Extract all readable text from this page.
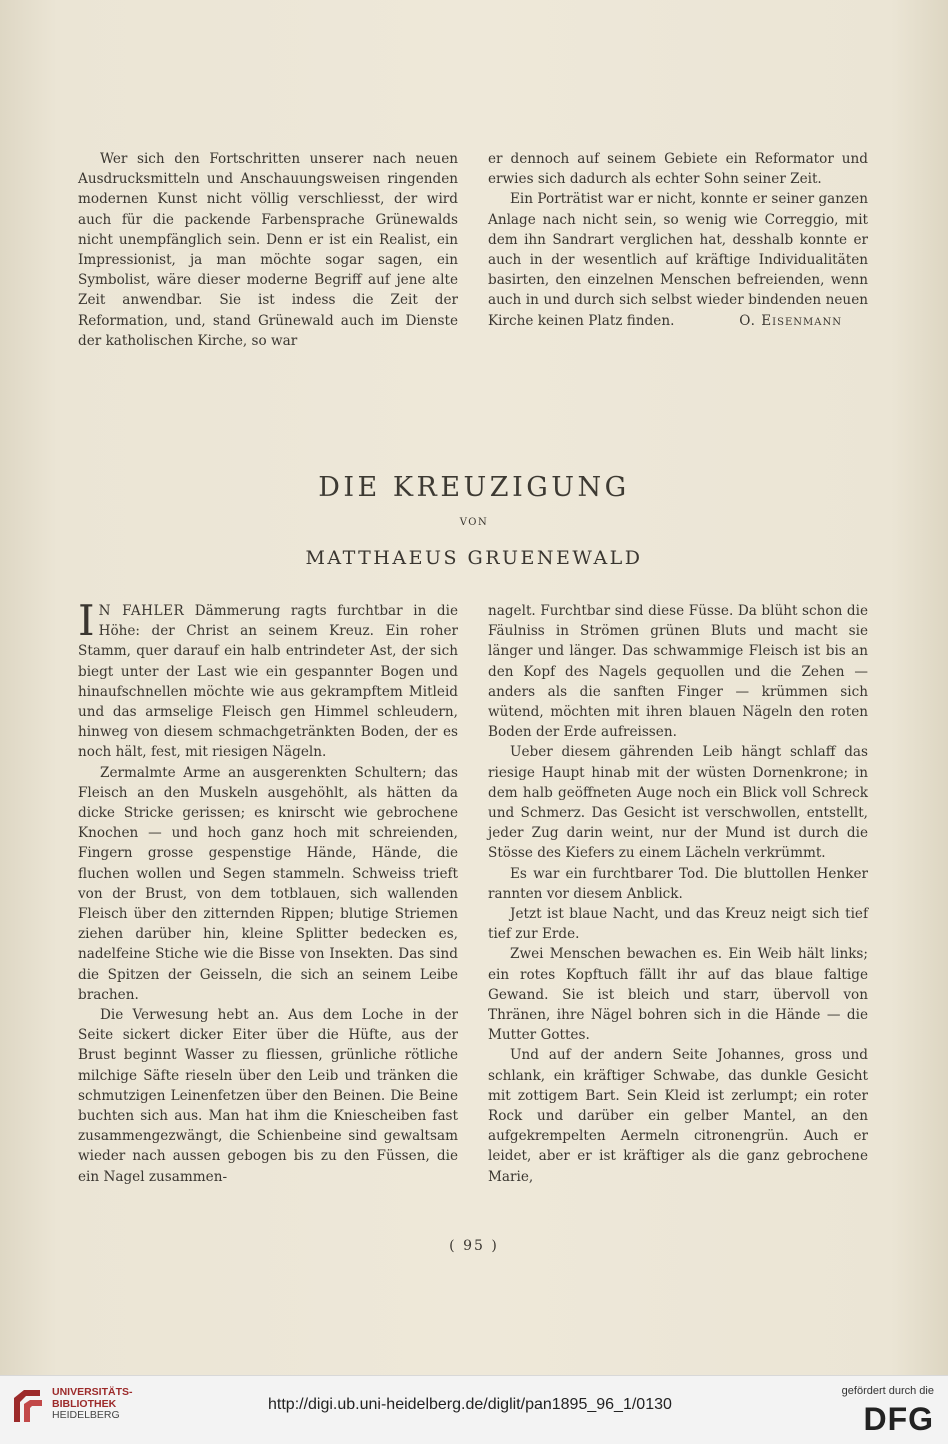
Wer sich den Fortschritten unserer nach neuen Ausdrucksmitteln und Anschauungsweisen ringenden modernen Kunst nicht völlig verschliesst, der wird auch für die packende Farbensprache Grünewalds nicht unempfänglich sein. Denn er ist ein Realist, ein Impressionist, ja man möchte sogar sagen, ein Symbolist, wäre dieser moderne Begriff auf jene alte Zeit anwendbar. Sie ist indess die Zeit der Reformation, und, stand Grünewald auch im Dienste der katholischen Kirche, so war

er dennoch auf seinem Gebiete ein Reformator und erwies sich dadurch als echter Sohn seiner Zeit.

Ein Porträtist war er nicht, konnte er seiner ganzen Anlage nach nicht sein, so wenig wie Correggio, mit dem ihn Sandrart verglichen hat, desshalb konnte er auch in der wesentlich auf kräftige Individualitäten basirten, den einzelnen Menschen befreienden, wenn auch in und durch sich selbst wieder bindenden neuen Kirche keinen Platz finden.	O. Eisenmann
DIE KREUZIGUNG
VON
MATTHAEUS GRUENEWALD

I N FAHLER Dämmerung ragts furchtbar in die Höhe: der Christ an seinem Kreuz. Ein roher Stamm, quer darauf ein halb entrindeter Ast, der sich biegt unter der Last wie ein gespannter Bogen und hinaufschnellen möchte wie aus gekrampftem Mitleid und das armselige Fleisch gen Himmel schleudern, hinweg von diesem schmachgetränkten Boden, der es noch hält, fest, mit riesigen Nägeln.

Zermalmte Arme an ausgerenkten Schultern; das Fleisch an den Muskeln ausgehöhlt, als hätten da dicke Stricke gerissen; es knirscht wie gebrochene Knochen — und hoch ganz hoch mit schreienden, Fingern grosse gespenstige Hände, Hände, die fluchen wollen und Segen stammeln. Schweiss trieft von der Brust, von dem totblauen, sich wallenden Fleisch über den zitternden Rippen; blutige Striemen ziehen darüber hin, kleine Splitter bedecken es, nadelfeine Stiche wie die Bisse von Insekten. Das sind die Spitzen der Geisseln, die sich an seinem Leibe brachen.

Die Verwesung hebt an. Aus dem Loche in der Seite sickert dicker Eiter über die Hüfte, aus der Brust beginnt Wasser zu fliessen, grünliche rötliche milchige Säfte rieseln über den Leib und tränken die schmutzigen Leinenfetzen über den Beinen. Die Beine buchten sich aus. Man hat ihm die Kniescheiben fast zusammengezwängt, die Schienbeine sind gewaltsam wieder nach aussen gebogen bis zu den Füssen, die ein Nagel zusammen-

nagelt. Furchtbar sind diese Füsse. Da blüht schon die Fäulniss in Strömen grünen Bluts und macht sie länger und länger. Das schwammige Fleisch ist bis an den Kopf des Nagels gequollen und die Zehen — anders als die sanften Finger — krümmen sich wütend, möchten mit ihren blauen Nägeln den roten Boden der Erde aufreissen.

Ueber diesem gährenden Leib hängt schlaff das riesige Haupt hinab mit der wüsten Dornenkrone; in dem halb geöffneten Auge noch ein Blick voll Schreck und Schmerz. Das Gesicht ist verschwollen, entstellt, jeder Zug darin weint, nur der Mund ist durch die Stösse des Kiefers zu einem Lächeln verkrümmt.

Es war ein furchtbarer Tod. Die bluttollen Henker rannten vor diesem Anblick.

Jetzt ist blaue Nacht, und das Kreuz neigt sich tief tief zur Erde.

Zwei Menschen bewachen es. Ein Weib hält links; ein rotes Kopftuch fällt ihr auf das blaue faltige Gewand. Sie ist bleich und starr, übervoll von Thränen, ihre Nägel bohren sich in die Hände — die Mutter Gottes.

Und auf der andern Seite Johannes, gross und schlank, ein kräftiger Schwabe, das dunkle Gesicht mit zottigem Bart. Sein Kleid ist zerlumpt; ein roter Rock und darüber ein gelber Mantel, an den aufgekrempelten Aermeln citronengrün. Auch er leidet, aber er ist kräftiger als die ganz gebrochene Marie,

( 95 )
UNIVERSITÄTS-
BIBLIOTHEK
HEIDELBERG
http://digi.ub.uni-heidelberg.de/diglit/pan1895_96_1/0130
gefördert durch die
DFG
